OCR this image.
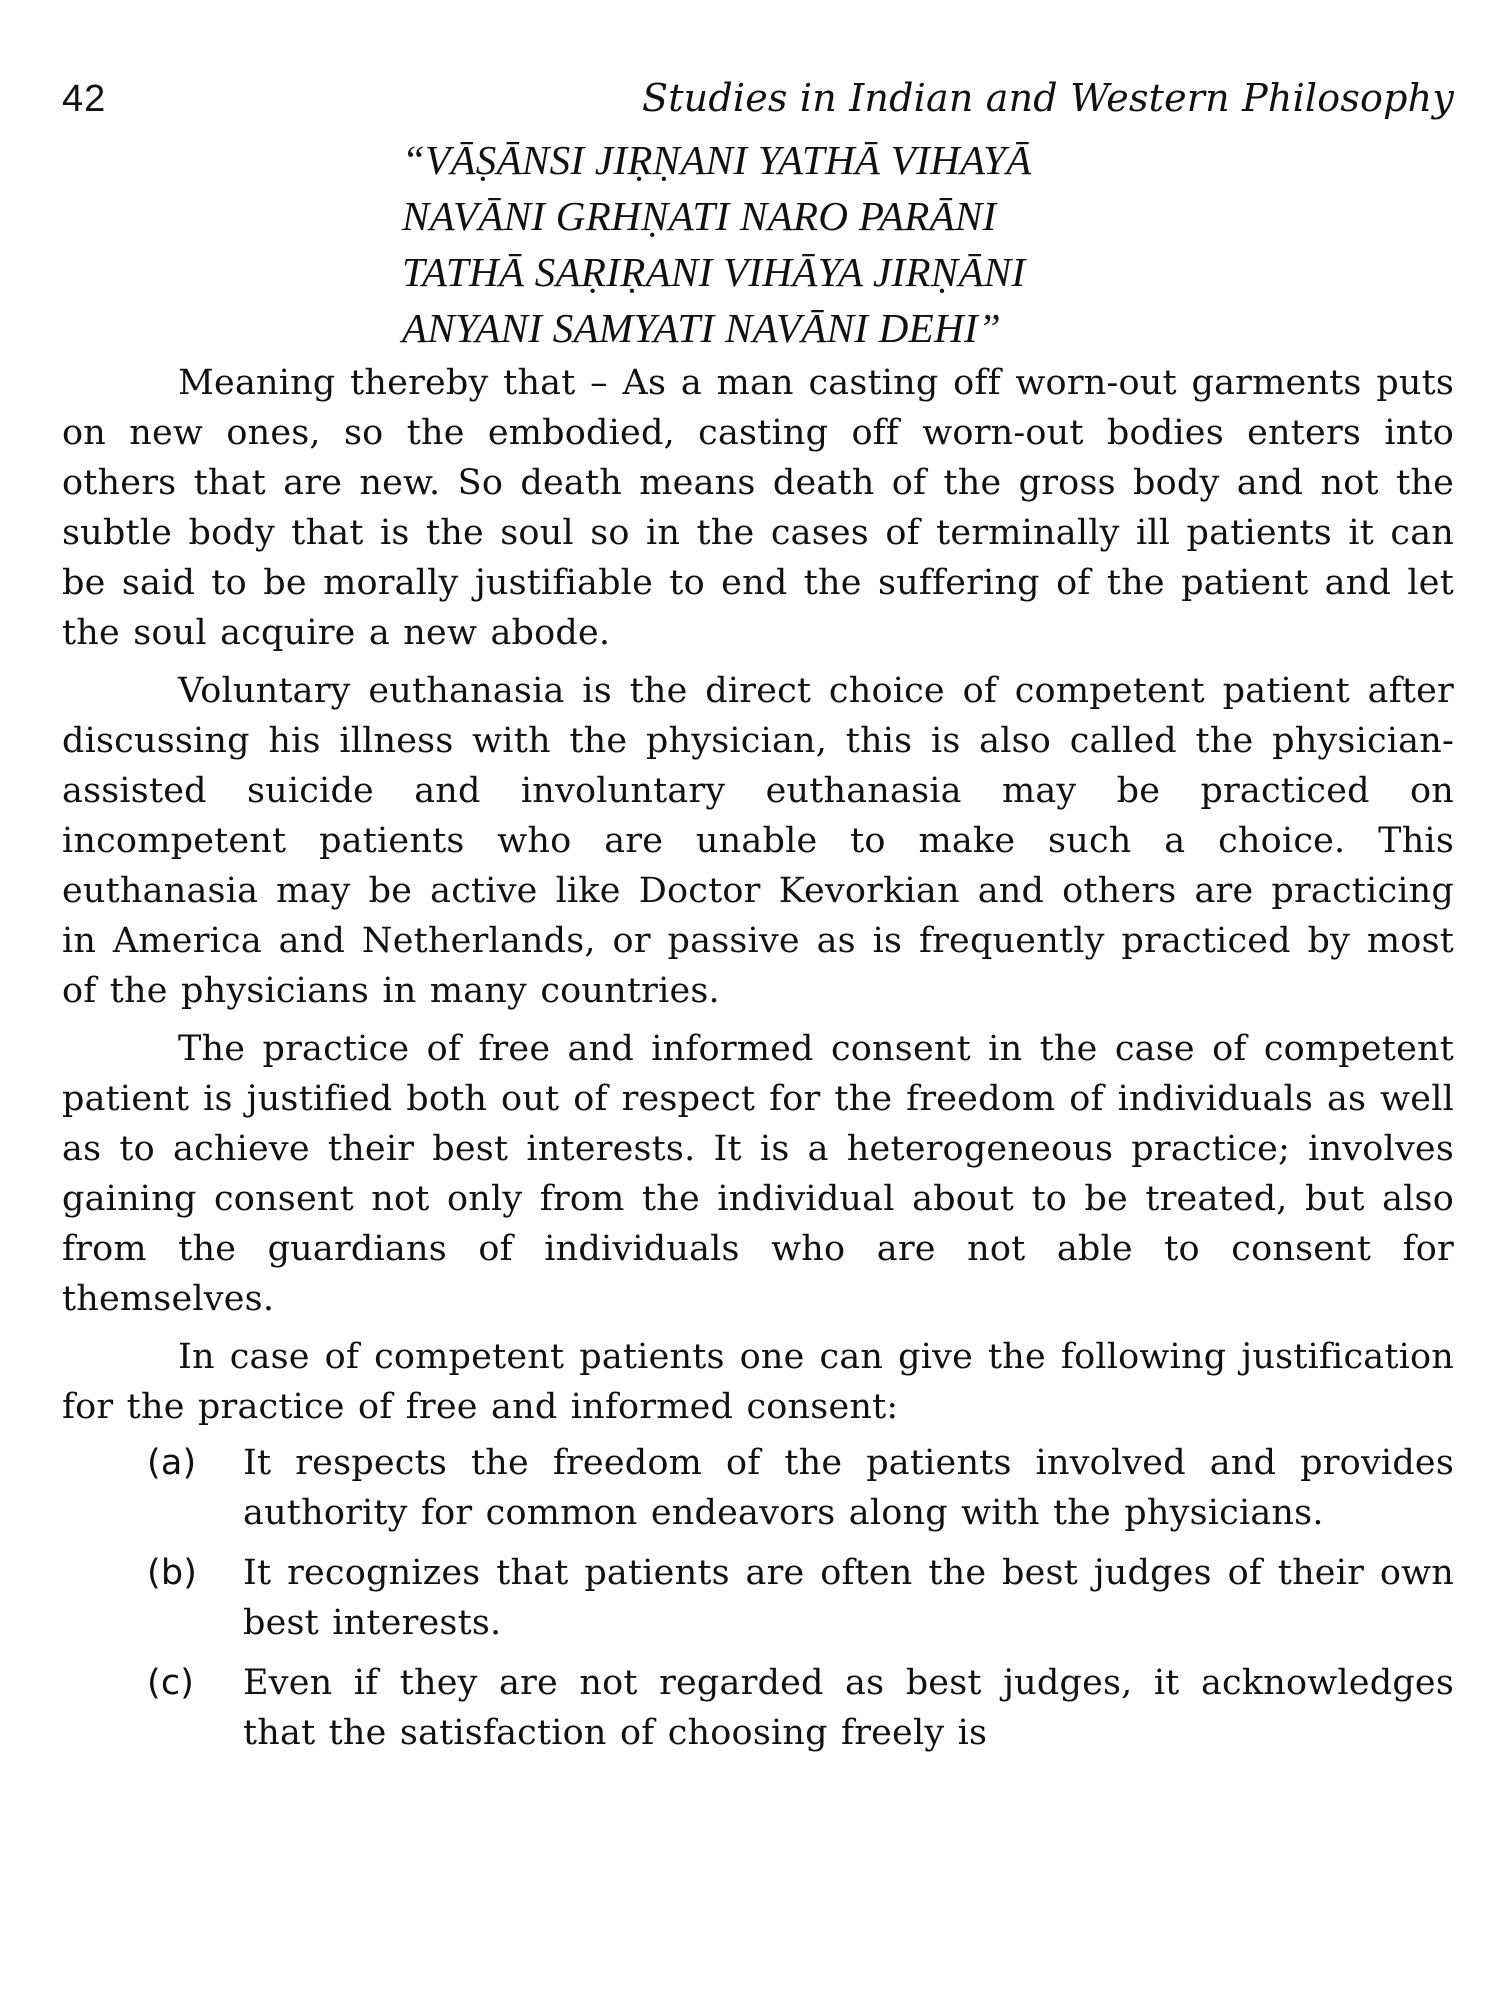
42	Studies in Indian and Western Philosophy
“VĀṢĀNSI JIṚṆANI YATHĀ VIHAYĀ
NAVĀNI GRHṆATI NARO PARĀNI
TATHĀ SAṚIṚANI VIHĀYA JIRṆĀNI
ANYANI SAMYATI NAVĀNI DEHI”

Meaning thereby that – As a man casting off worn-out garments puts on new ones, so the embodied, casting off worn-out bodies enters into others that are new. So death means death of the gross body and not the subtle body that is the soul so in the cases of terminally ill patients it can be said to be morally justifiable to end the suffering of the patient and let the soul acquire a new abode.

Voluntary euthanasia is the direct choice of competent patient after discussing his illness with the physician, this is also called the physician-assisted suicide and involuntary euthanasia may be practiced on incompetent patients who are unable to make such a choice. This euthanasia may be active like Doctor Kevorkian and others are practicing in America and Netherlands, or passive as is frequently practiced by most of the physicians in many countries.

The practice of free and informed consent in the case of competent patient is justified both out of respect for the freedom of individuals as well as to achieve their best interests. It is a heterogeneous practice; involves gaining consent not only from the individual about to be treated, but also from the guardians of individuals who are not able to consent for themselves.

In case of competent patients one can give the following justification for the practice of free and informed consent:

(a) It respects the freedom of the patients involved and provides authority for common endeavors along with the physicians.
(b) It recognizes that patients are often the best judges of their own best interests.
(c) Even if they are not regarded as best judges, it acknowledges that the satisfaction of choosing freely is
